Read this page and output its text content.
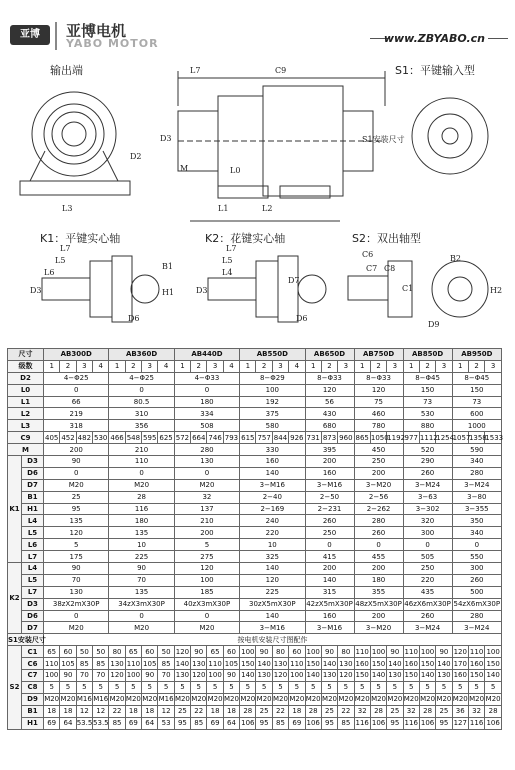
亚博	亚博电机
YABO MOTOR	www.ZBYABO.cn
输出端	S1：平键输入型
L7	C9
D2
L3	L1	L2
L0
M
D3	S1安装尺寸
K1：平键实心轴	K2：花键实心轴	S2：双出轴型
L7
L5
L6
D3
D6
B1
H1
L7
L5
L4
D3
D7
D6
C6
C7 C8
C1
D9
B2
H2
尺寸		AB300D				AB360D				AB440D				AB550D				AB650D			AB750D			AB850D			AB950D		
级数		1	2	3	4	1	2	3	4	1	2	3	4	1	2	3	4	1	2	3	1	2	3	1	2	3	1	2	3
D2		4−Φ25				4−Φ25				4−Φ33				8−Φ29				8−Φ33			8−Φ33			8−Φ45			8−Φ45		
L0		0				0				0				100				120			120			150			150		
L1		66				80.5				180				192				56			75			73			73		
L2		219				310				334				375				430			460			530			600		
L3		318				356				508				580				680			780			880			1000		
C9		405	452	482	530	466	548	595	625	572	664	746	793	615	757	844	926	731	873	960	865	1050	1192	977	1112	1254	1057	1358	1533
M		200				210				280				330				395			450			520			590		
K1	D3	90				110				130				160				200			250			290			340		
	D6	0				0				0				140				160			200			260			280		
	D7	M20				M20				M20				3−M16				3−M16			3−M20			3−M24			3−M24		
	B1	25				28				32				2−40				2−50			2−56			3−63			3−80		
	H1	95				116				137				2−169				2−231			2−262			3−302			3−355		
	L4	135				180				210				240				260			280			320			350		
	L5	120				135				200				220				250			260			300			340		
	L6	5				10				5				10				0			0			0			0		
	L7	175				225				275				325				415			455			505			550		
K2	L4	90				90				120				140				200			200			250			300		
	L5	70				70				100				120				140			180			220			260		
	L7	130				135				185				225				315			355			435			500		
	D3	38zX2mX30P				34zX3mX30P				40zX3mX30P				30zX5mX30P				42zX5mX30P			48zX5mX30P			46zX6mX30P			54zX6mX30P		
	D6	0				0				0				140				160			200			260			280		
	D7	M20				M20				M20				3−M16				3−M16			3−M20			3−M24			3−M24		
S1安装尺寸		按电机安装尺寸图配作																											
S2	C1	65	60	50	50	80	65	60	50	120	90	65	60	100	90	80	60	100	90	80	110	100	90	110	100	90	120	110	100
	C6	110	105	85	85	130	110	105	85	140	130	110	105	150	140	130	110	150	140	130	160	150	140	160	150	140	170	160	150
	C7	100	90	70	70	120	100	90	70	130	120	100	90	140	130	120	100	140	130	120	150	140	130	150	140	130	160	150	140
	C8	5	5	5	5	5	5	5	5	5	5	5	5	5	5	5	5	5	5	5	5	5	5	5	5	5	5	5	5
	D9	M20	M20	M16	M16	M20	M20	M20	M16	M20	M20	M20	M20	M20	M20	M20	M20	M20	M20	M20	M20	M20	M20	M20	M20	M20	M20	M20	M20
	B1	18	18	12	12	22	18	18	12	25	22	18	18	28	25	22	18	28	25	22	32	28	25	32	28	25	36	32	28
	H1	69	64	53.5	53.5	85	69	64	53	95	85	69	64	106	95	85	69	106	95	85	116	106	95	116	106	95	127	116	106
